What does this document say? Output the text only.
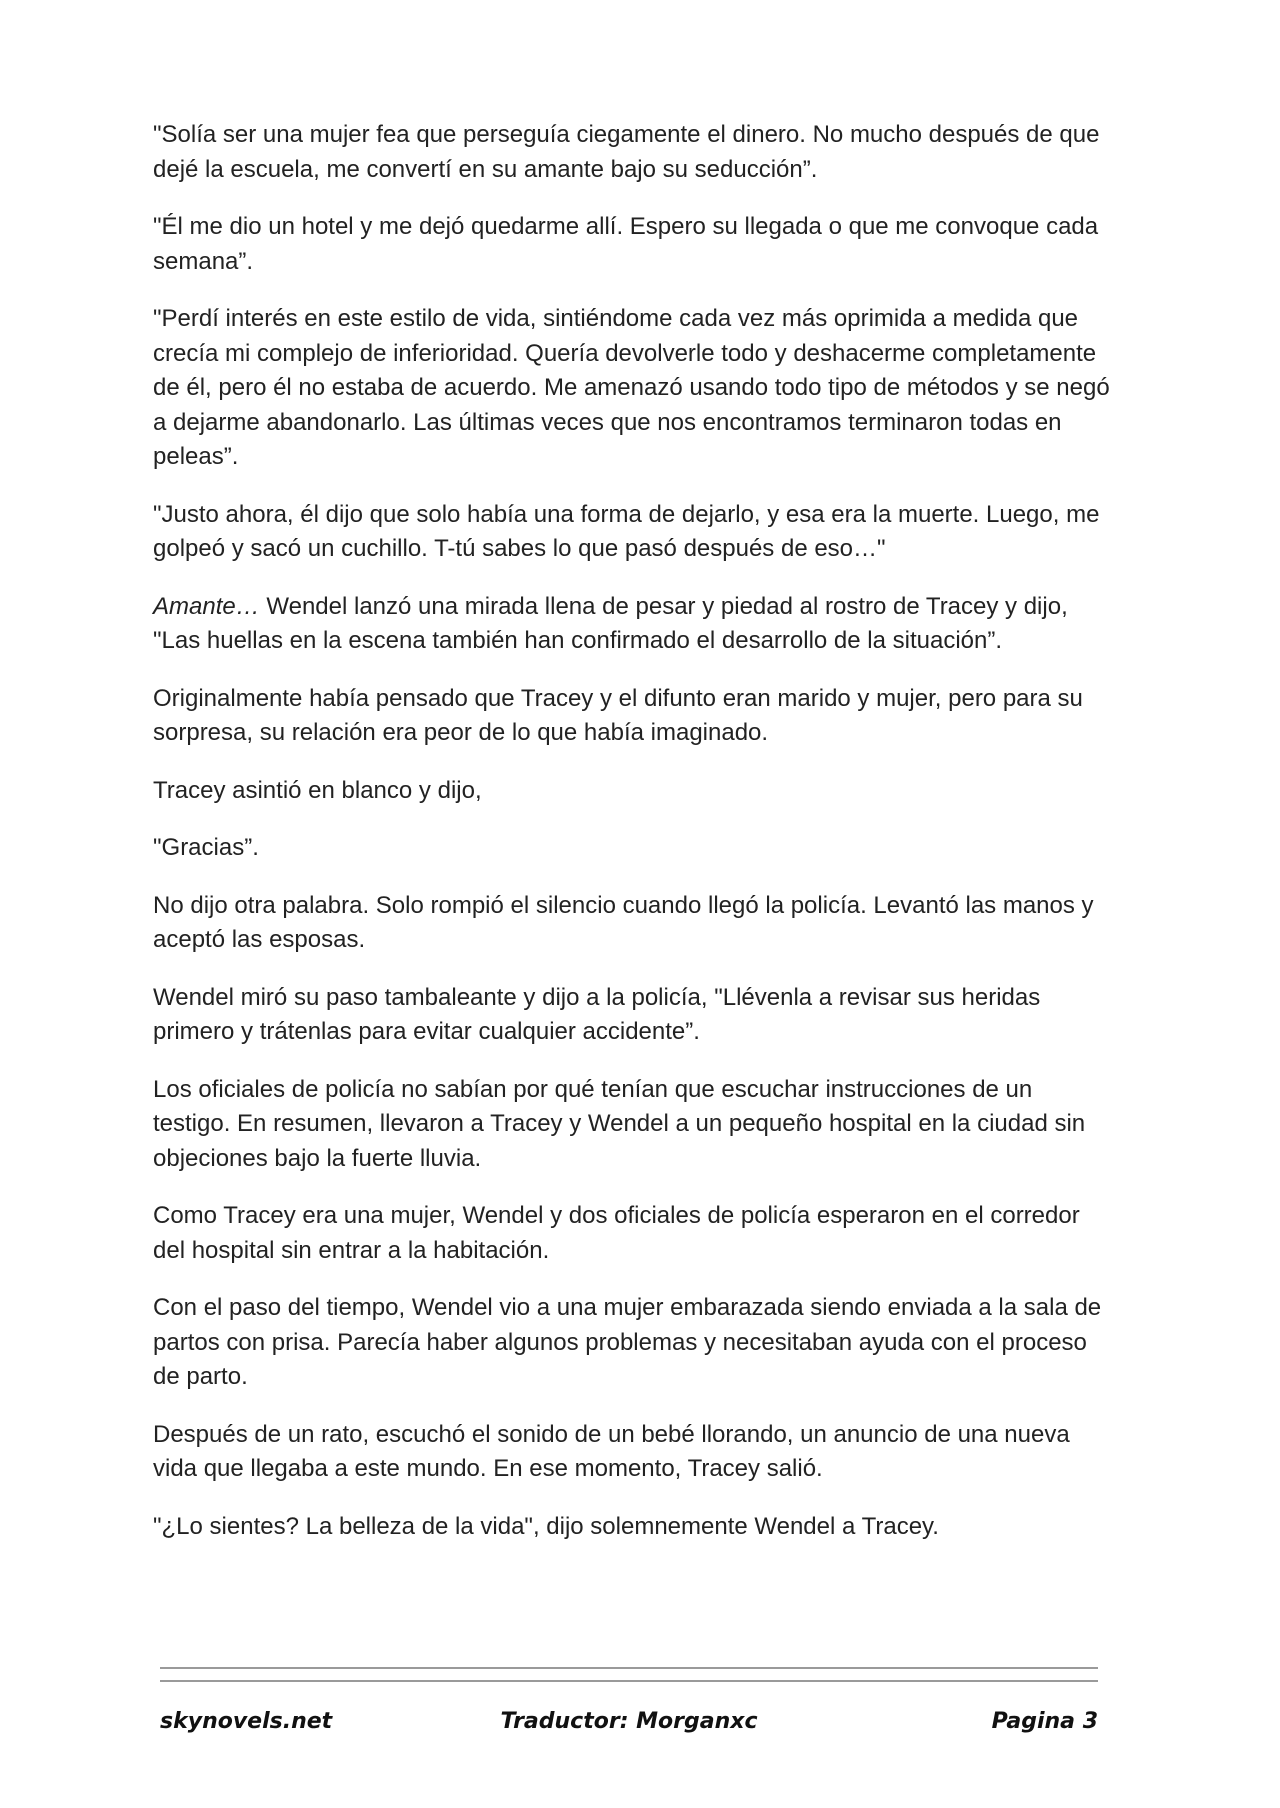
"Solía ser una mujer fea que perseguía ciegamente el dinero. No mucho después de que dejé la escuela, me convertí en su amante bajo su seducción”.

"Él me dio un hotel y me dejó quedarme allí. Espero su llegada o que me convoque cada semana”.

"Perdí interés en este estilo de vida, sintiéndome cada vez más oprimida a medida que crecía mi complejo de inferioridad. Quería devolverle todo y deshacerme completamente de él, pero él no estaba de acuerdo. Me amenazó usando todo tipo de métodos y se negó a dejarme abandonarlo. Las últimas veces que nos encontramos terminaron todas en peleas”.

"Justo ahora, él dijo que solo había una forma de dejarlo, y esa era la muerte. Luego, me golpeó y sacó un cuchillo. T-tú sabes lo que pasó después de eso…"

Amante… Wendel lanzó una mirada llena de pesar y piedad al rostro de Tracey y dijo, "Las huellas en la escena también han confirmado el desarrollo de la situación”.

Originalmente había pensado que Tracey y el difunto eran marido y mujer, pero para su sorpresa, su relación era peor de lo que había imaginado.

Tracey asintió en blanco y dijo,

"Gracias”.

No dijo otra palabra. Solo rompió el silencio cuando llegó la policía. Levantó las manos y aceptó las esposas.

Wendel miró su paso tambaleante y dijo a la policía, "Llévenla a revisar sus heridas primero y trátenlas para evitar cualquier accidente”.

Los oficiales de policía no sabían por qué tenían que escuchar instrucciones de un testigo. En resumen, llevaron a Tracey y Wendel a un pequeño hospital en la ciudad sin objeciones bajo la fuerte lluvia.

Como Tracey era una mujer, Wendel y dos oficiales de policía esperaron en el corredor del hospital sin entrar a la habitación.

Con el paso del tiempo, Wendel vio a una mujer embarazada siendo enviada a la sala de partos con prisa. Parecía haber algunos problemas y necesitaban ayuda con el proceso de parto.

Después de un rato, escuchó el sonido de un bebé llorando, un anuncio de una nueva vida que llegaba a este mundo. En ese momento, Tracey salió.

"¿Lo sientes? La belleza de la vida", dijo solemnemente Wendel a Tracey.

Traductor: Morganxc
skynovels.net	Pagina 3
